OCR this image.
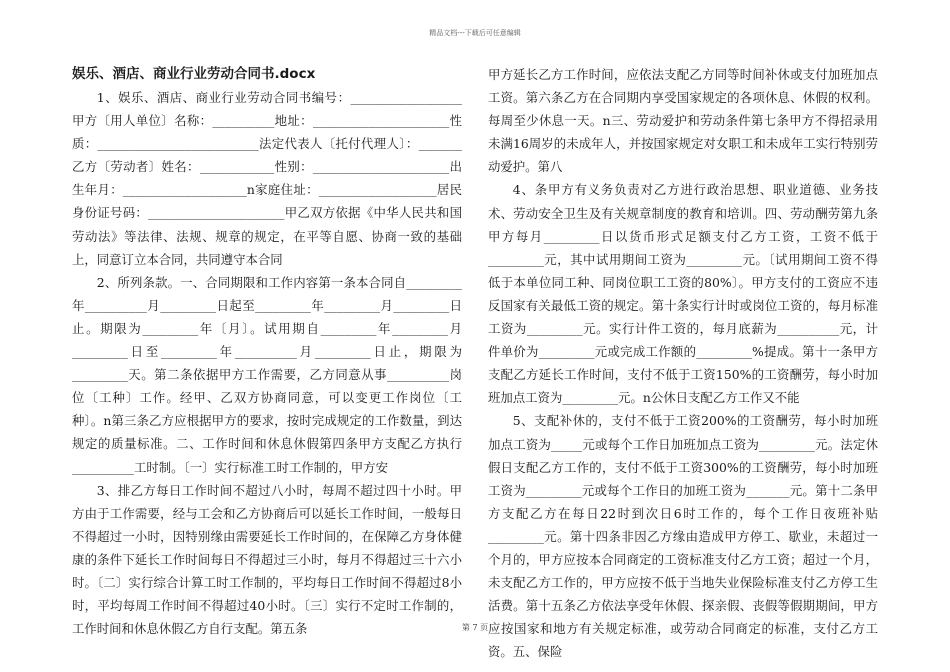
精品文档---下载后可任意编辑
娱乐、酒店、商业行业劳动合同书.docx

1、娱乐、酒店、商业行业劳动合同书编号：__________________甲方〔用人单位〕名称：__________地址：______________________性质：__________________________法定代表人〔托付代理人〕：_______乙方〔劳动者〕姓名：____________性别：______________________出生年月：____________________n家庭住址：___________________居民身份证号码：______________________甲乙双方依据《中华人民共和国劳动法》等法律、法规、规章的规定，在平等自愿、协商一致的基础上，同意订立本合同，共同遵守本合同

2、所列条款。一、合同期限和工作内容第一条本合同自_________年__________月_________日起至_________年_________月_________日止。期限为_________年〔月〕。试用期自_________年_________月_________日至_________年__________月_________日止，期限为_________天。第二条依据甲方工作需要，乙方同意从事__________岗位〔工种〕工作。经甲、乙双方协商同意，可以变更工作岗位〔工种〕。n第三条乙方应根据甲方的要求，按时完成规定的工作数量，到达规定的质量标准。二、工作时间和休息休假第四条甲方支配乙方执行__________工时制。〔一〕实行标准工时工作制的，甲方安

3、排乙方每日工作时间不超过八小时，每周不超过四十小时。甲方由于工作需要，经与工会和乙方协商后可以延长工作时间，一般每日不得超过一小时，因特别缘由需要延长工作时间的，在保障乙方身体健康的条件下延长工作时间每日不得超过三小时，每月不得超过三十六小时。〔二〕实行综合计算工时工作制的，平均每日工作时间不得超过8小时，平均每周工作时间不得超过40小时。〔三〕实行不定时工作制的，工作时间和休息休假乙方自行支配。第五条

甲方延长乙方工作时间，应依法支配乙方同等时间补休或支付加班加点工资。第六条乙方在合同期内享受国家规定的各项休息、休假的权利。每周至少休息一天。n三、劳动爱护和劳动条件第七条甲方不得招录用未满16周岁的未成年人，并按国家规定对女职工和未成年工实行特别劳动爱护。第八

4、条甲方有义务负责对乙方进行政治思想、职业道德、业务技术、劳动安全卫生及有关规章制度的教育和培训。四、劳动酬劳第九条甲方每月_________日以货币形式足额支付乙方工资，工资不低于_________元，其中试用期间工资为_________元。〔试用期间工资不得低于本单位同工种、同岗位职工工资的80%〕。甲方支付的工资应不违反国家有关最低工资的规定。第十条实行计时或岗位工资的，每月标准工资为_________元。实行计件工资的，每月底薪为__________元，计件单价为_________元或完成工作额的_________%提成。第十一条甲方支配乙方延长工作时间，支付不低于工资150%的工资酬劳，每小时加班加点工资为_________元。n公休日支配乙方工作又不能

5、支配补休的，支付不低于工资200%的工资酬劳，每小时加班加点工资为_____元或每个工作日加班加点工资为_________元。法定休假日支配乙方工作的，支付不低于工资300%的工资酬劳，每小时加班工资为_________元或每个工作日的加班工资为_______元。第十二条甲方支配乙方在每日22时到次日6时工作的，每个工作日夜班补贴_________元。第十四条非因乙方缘由造成甲方停工、歇业，未超过一个月的，甲方应按本合同商定的工资标准支付乙方工资；超过一个月，未支配乙方工作的，甲方应按不低于当地失业保险标准支付乙方停工生活费。第十五条乙方依法享受年休假、探亲假、丧假等假期期间，甲方应按国家和地方有关规定标准，或劳动合同商定的标准，支付乙方工资。五、保险

第 7 页
